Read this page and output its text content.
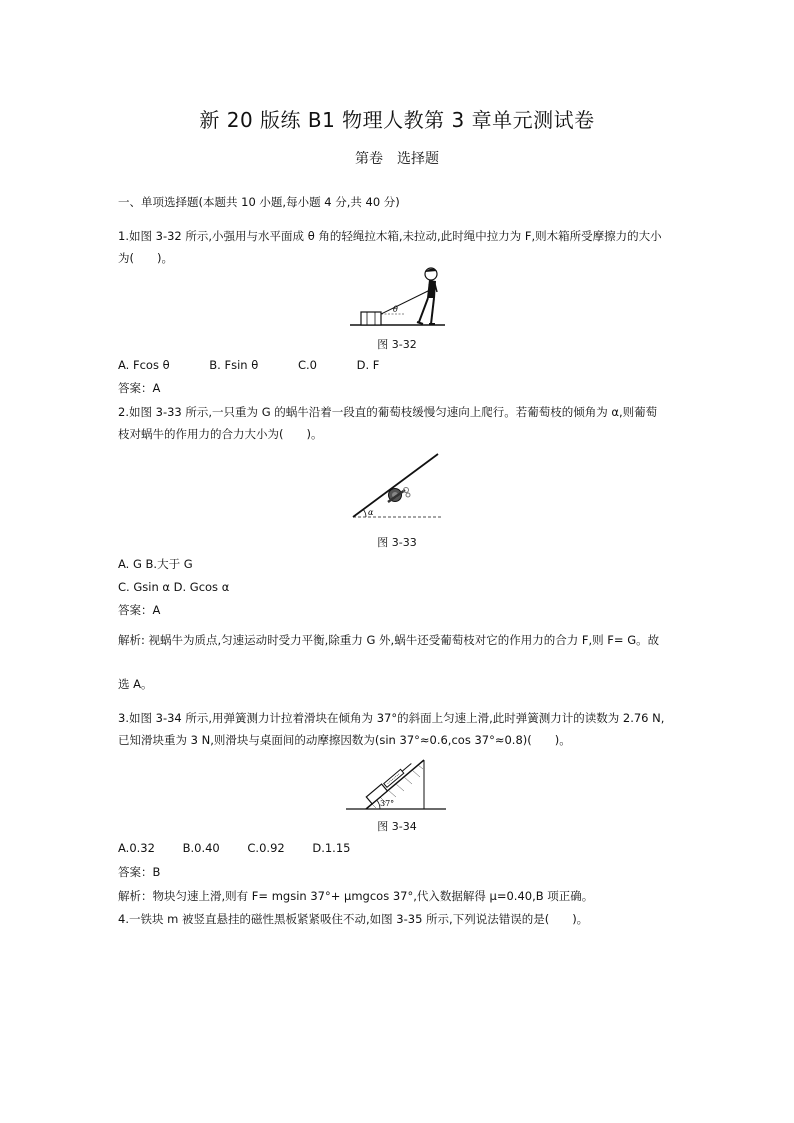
新 20 版练 B1 物理人教第 3 章单元测试卷
第卷　选择题
一、单项选择题(本题共 10 小题,每小题 4 分,共 40 分)
1.如图 3-32 所示,小强用与水平面成 θ 角的轻绳拉木箱,未拉动,此时绳中拉力为 F,则木箱所受摩擦力的大小
为(　　)。
θ
图 3-32
A. Fcos θ	B. Fsin θ	C.0	D. F
答案：A
2.如图 3-33 所示,一只重为 G 的蜗牛沿着一段直的葡萄枝缓慢匀速向上爬行。若葡萄枝的倾角为 α,则葡萄
枝对蜗牛的作用力的合力大小为(　　)。
α
图 3-33
A. G B.大于 G
C. Gsin α D. Gcos α
答案：A
解析: 视蜗牛为质点,匀速运动时受力平衡,除重力 G 外,蜗牛还受葡萄枝对它的作用力的合力 F,则 F= G。故
选 A。
3.如图 3-34 所示,用弹簧测力计拉着滑块在倾角为 37°的斜面上匀速上滑,此时弹簧测力计的读数为 2.76 N,
已知滑块重为 3 N,则滑块与桌面间的动摩擦因数为(sin 37°≈0.6,cos 37°≈0.8)(　　)。
37°
图 3-34
A.0.32 B.0.40 C.0.92 D.1.15
答案：B
解析：物块匀速上滑,则有 F= mgsin 37°+ μmgcos 37°,代入数据解得 μ=0.40,B 项正确。
4.一铁块 m 被竖直悬挂的磁性黑板紧紧吸住不动,如图 3-35 所示,下列说法错误的是(　　)。
